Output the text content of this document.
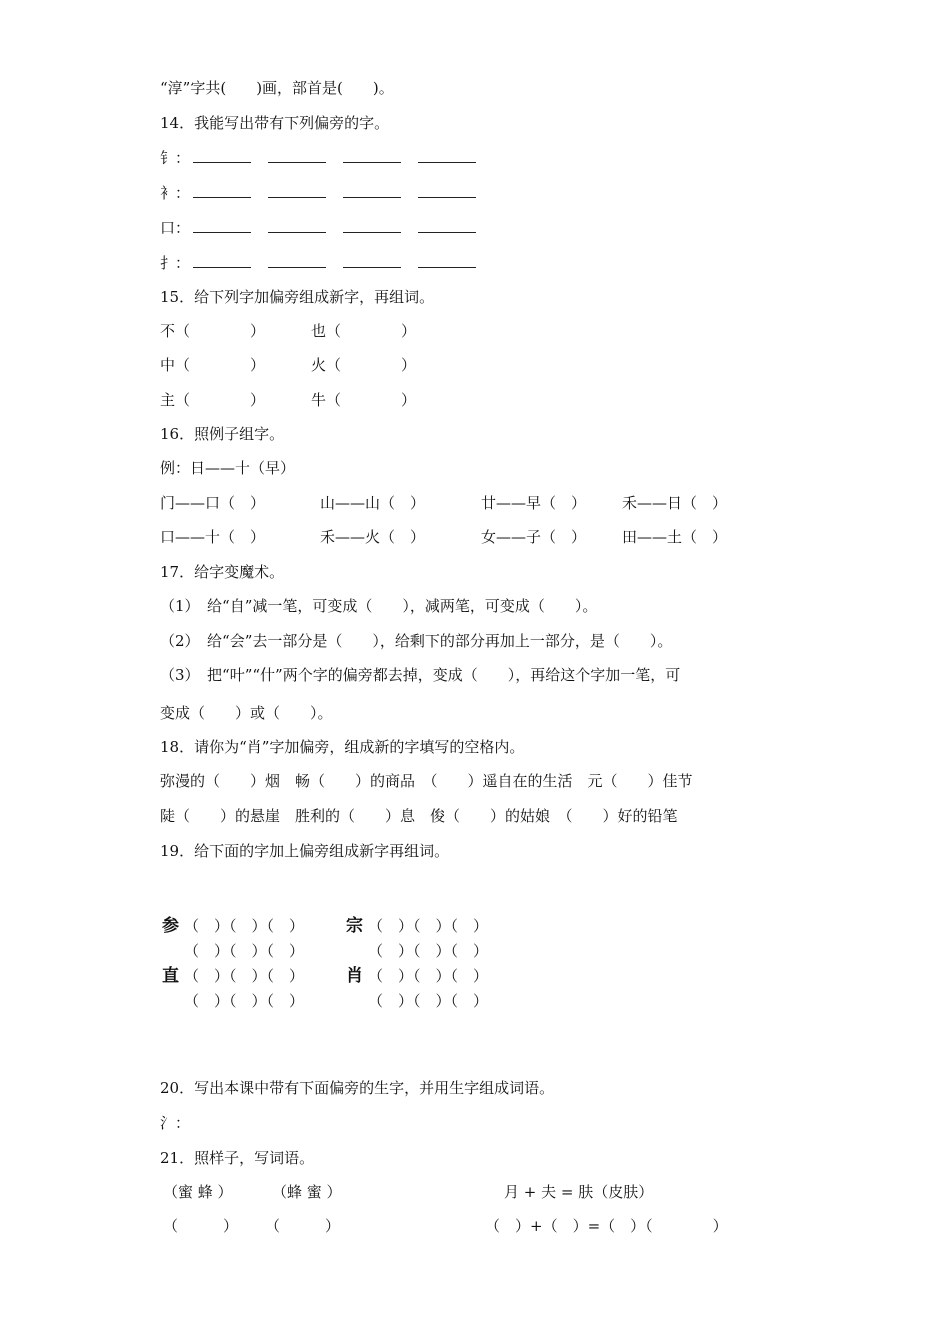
“淳”字共(　　)画，部首是(　　)。
14．我能写出带有下列偏旁的字。
钅：
衤：
口：
扌：
15．给下列字加偏旁组成新字，再组词。
不（　　　　）	也（　　　　）
中（　　　　）	火（　　　　）
主（　　　　）	牛（　　　　）
16．照例子组字。
例：日——十（早）
门——口（　）	山——山（　）	廿——早（　） 禾——日（　）
口——十（　）	禾——火（　）	女——子（　） 田——土（　）
17．给字变魔术。
（1）　给“自”减一笔，可变成（　　），减两笔，可变成（　　）。
（2）　给“会”去一部分是（　　），给剩下的部分再加上一部分，是（　　）。
（3）　把“叶”“什”两个字的偏旁都去掉，变成（　　），再给这个字加一笔，可
变成（　　）或（　　）。
18．请你为“肖”字加偏旁，组成新的字填写的空格内。
弥漫的（　　）烟　畅（　　）的商品　（　　）遥自在的生活　元（　　）佳节
陡（　　）的悬崖　胜利的（　　）息　俊（　　）的姑娘　（　　）好的铅笔
19．给下面的字加上偏旁组成新字再组词。
参 （　）（　）（　） 宗 （　）（　）（　）
（　）（　）（　）	（　）（　）（　）
直 （　）（　）（　） 肖 （　）（　）（　）
（　）（　）（　）	（　）（　）（　）
20．写出本课中带有下面偏旁的生字，并用生字组成词语。
氵：
21．照样子，写词语。
（蜜 蜂 ）	（蜂 蜜 ）	月 + 夫 = 肤（皮肤）
（　　　） （　　　）	（　）+（　）=（　）（　　　　）
